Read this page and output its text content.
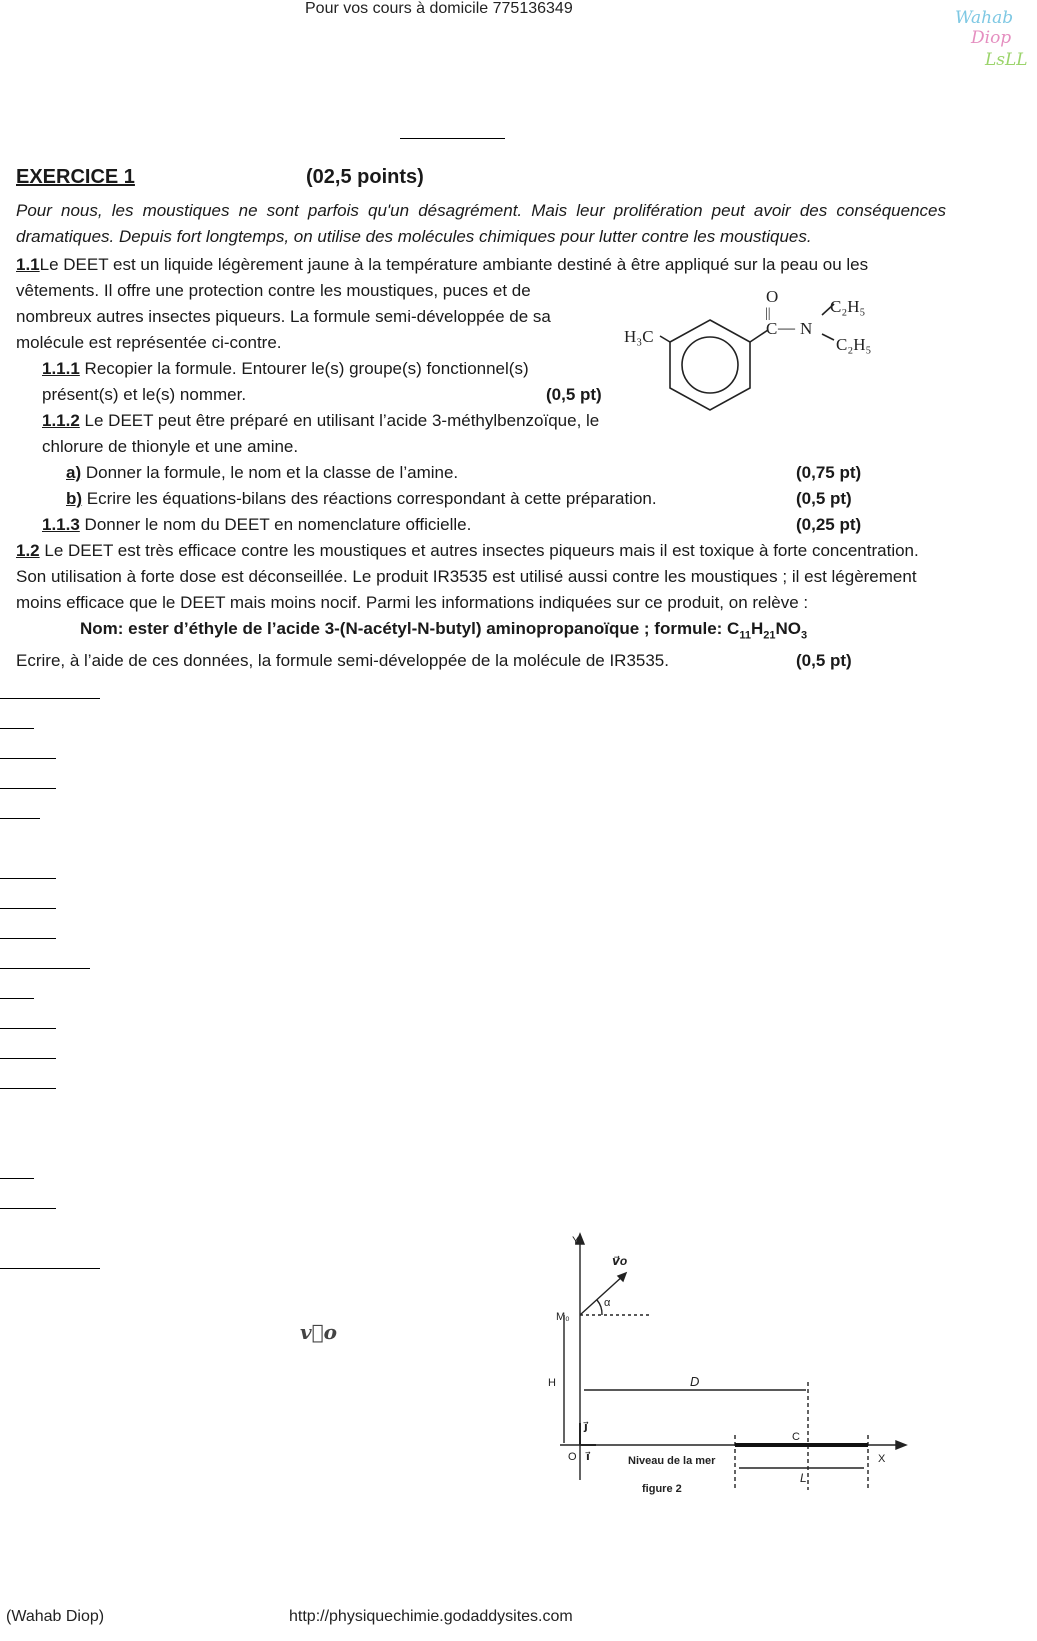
Pour vos cours à domicile 775136349	Wahab
Diop
LsLL
EXERCICE 1	(02,5 points)
Pour nous, les moustiques ne sont parfois qu'un désagrément. Mais leur prolifération peut avoir des conséquences dramatiques. Depuis fort longtemps, on utilise des molécules chimiques pour lutter contre les moustiques.
1.1Le DEET est un liquide légèrement jaune à la température ambiante destiné à être appliqué sur la peau ou les
vêtements. Il offre une protection contre les moustiques, puces et de
nombreux autres insectes piqueurs. La formule semi-développée de sa
molécule est représentée ci-contre.
1.1.1 Recopier la formule. Entourer le(s) groupe(s) fonctionnel(s)
présent(s) et le(s) nommer.	(0,5 pt)
1.1.2 Le DEET peut être préparé en utilisant l’acide 3-méthylbenzoïque, le
chlorure de thionyle et une amine.
a) Donner la formule, le nom et la classe de l’amine.	(0,75 pt)
b) Ecrire les équations-bilans des réactions correspondant à cette préparation.	(0,5 pt)
1.1.3 Donner le nom du DEET en nomenclature officielle.	(0,25 pt)
1.2 Le DEET est très efficace contre les moustiques et autres insectes piqueurs mais il est toxique à forte concentration.
Son utilisation à forte dose est déconseillée. Le produit IR3535 est utilisé aussi contre les moustiques ; il est légèrement
moins efficace que le DEET mais moins nocif. Parmi les informations indiquées sur ce produit, on relève :
Nom: ester d’éthyle de l’acide 3-(N-acétyl-N-butyl) aminopropanoïque ; formule: $C_{11}H_{21}NO_3$
Ecrire, à l’aide de ces données, la formule semi-développée de la molécule de IR3535.	(0,5 pt)
O
||
C — N
H₃C
C₂H₅
C₂H₅
v⃗o
Y
X
v⃗o
α
M₀
H	D
j⃗
i⃗
O
C
Niveau de la mer
figure 2
L
(Wahab Diop)	http://physiquechimie.godaddysites.com
